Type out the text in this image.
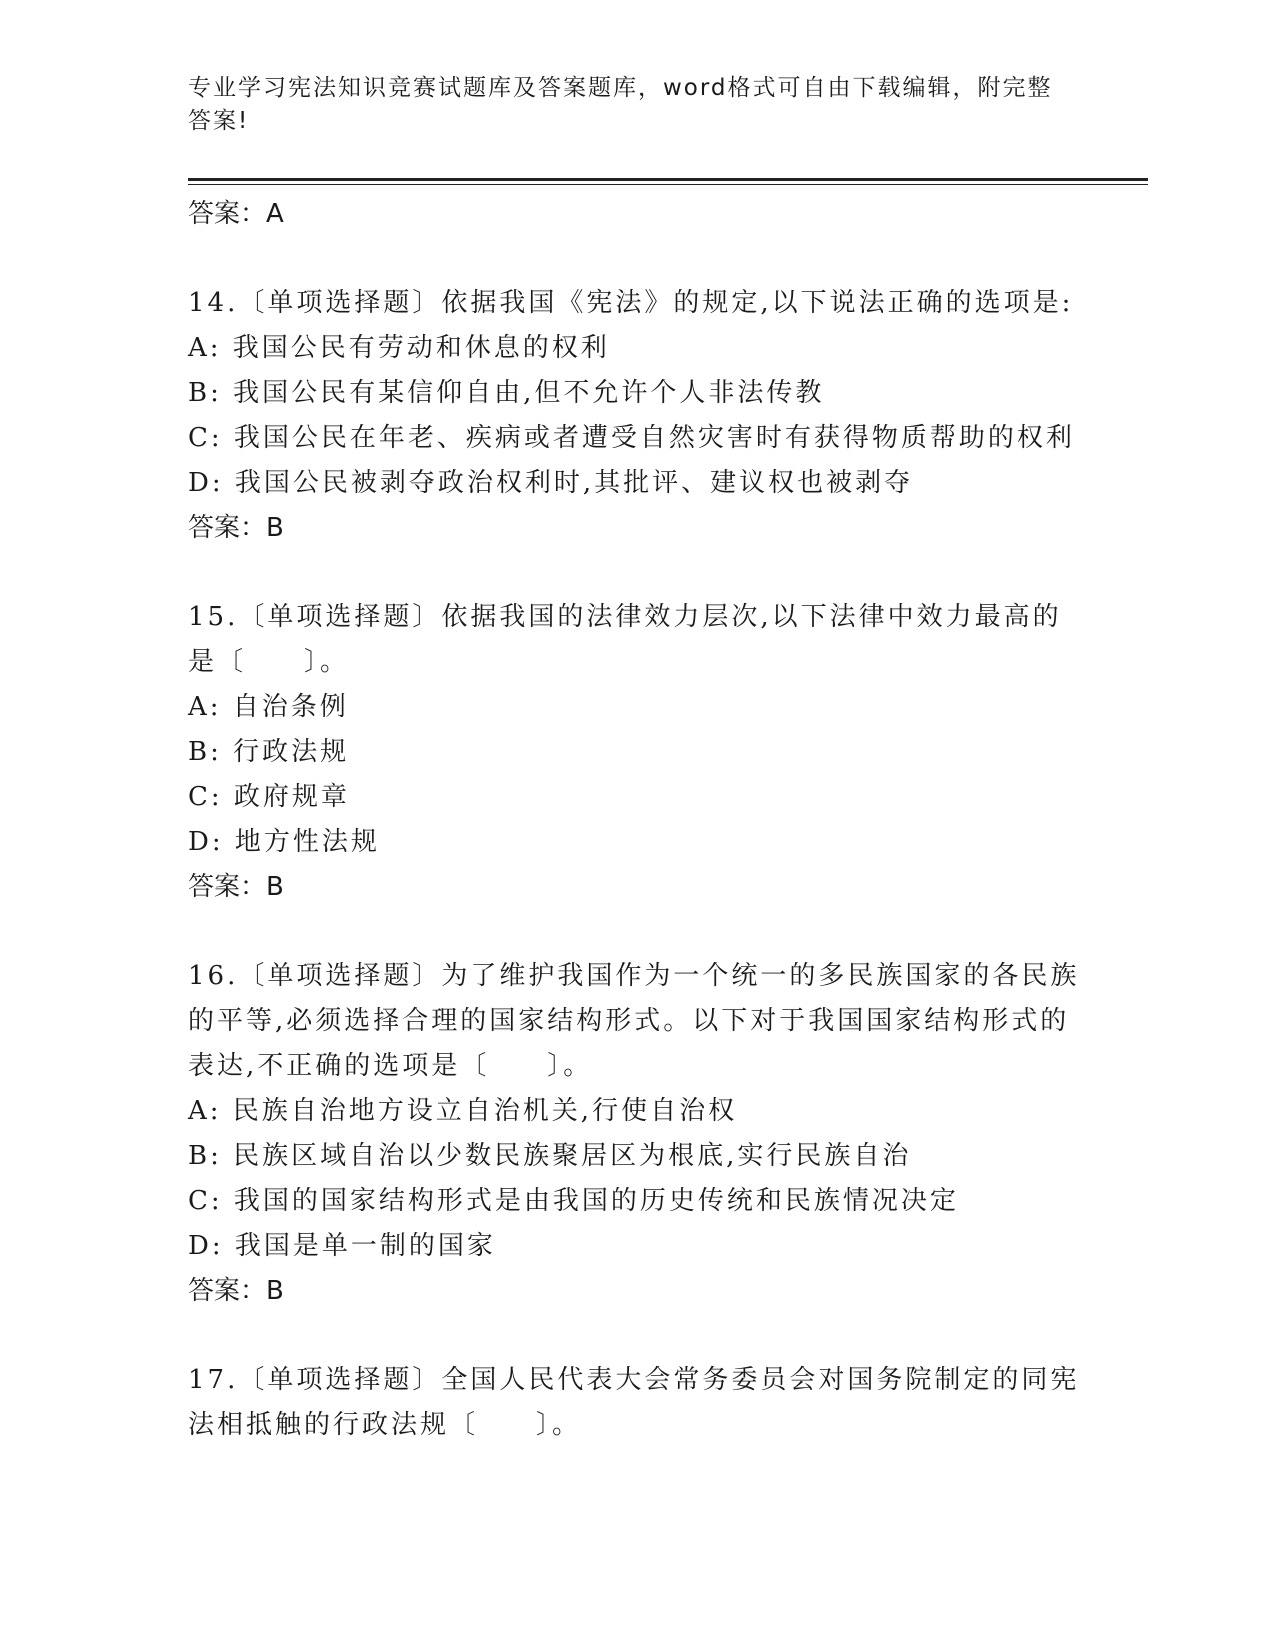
专业学习宪法知识竞赛试题库及答案题库，word格式可自由下载编辑，附完整答案!

答案：A

14.〔单项选择题〕依据我国《宪法》的规定,以下说法正确的选项是:

A: 我国公民有劳动和休息的权利
B: 我国公民有某信仰自由,但不允许个人非法传教
C: 我国公民在年老、疾病或者遭受自然灾害时有获得物质帮助的权利
D: 我国公民被剥夺政治权利时,其批评、建议权也被剥夺

答案：B

15.〔单项选择题〕依据我国的法律效力层次,以下法律中效力最高的是〔　　〕。

A: 自治条例
B: 行政法规
C: 政府规章
D: 地方性法规

答案：B

16.〔单项选择题〕为了维护我国作为一个统一的多民族国家的各民族的平等,必须选择合理的国家结构形式。以下对于我国国家结构形式的表达,不正确的选项是〔　　〕。

A: 民族自治地方设立自治机关,行使自治权
B: 民族区域自治以少数民族聚居区为根底,实行民族自治
C: 我国的国家结构形式是由我国的历史传统和民族情况决定
D: 我国是单一制的国家

答案：B

17.〔单项选择题〕全国人民代表大会常务委员会对国务院制定的同宪法相抵触的行政法规〔　　〕。
